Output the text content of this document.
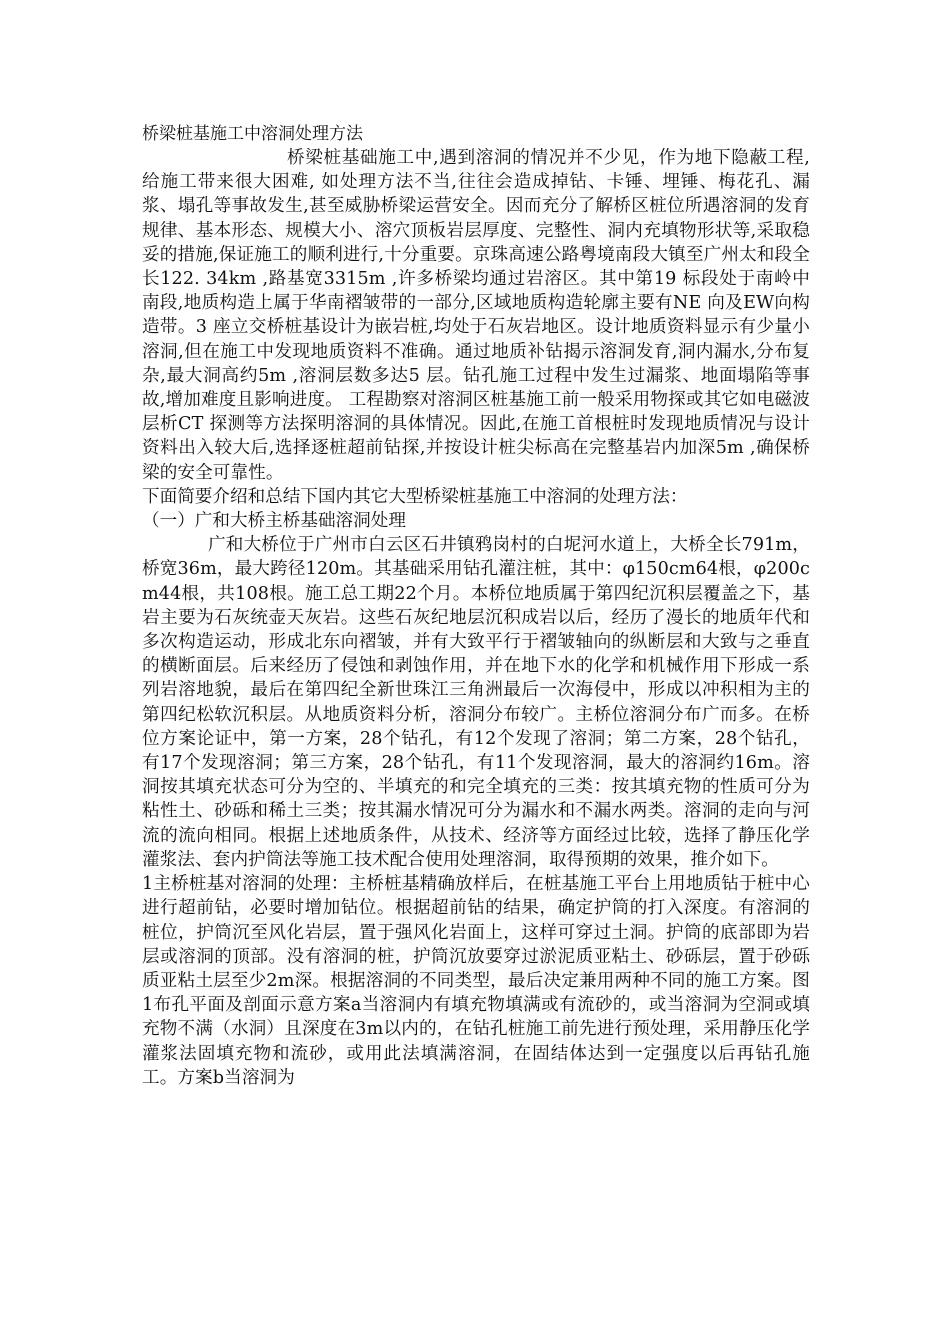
桥梁桩基施工中溶洞处理方法

桥梁桩基础施工中,遇到溶洞的情况并不少见，作为地下隐蔽工程,给施工带来很大困难, 如处理方法不当,往往会造成掉钻、卡锤、埋锤、梅花孔、漏浆、塌孔等事故发生,甚至威胁桥梁运营安全。因而充分了解桥区桩位所遇溶洞的发育规律、基本形态、规模大小、溶穴顶板岩层厚度、完整性、洞内充填物形状等,采取稳妥的措施,保证施工的顺利进行,十分重要。京珠高速公路粤境南段大镇至广州太和段全长122. 34km ,路基宽3315m ,许多桥梁均通过岩溶区。其中第19 标段处于南岭中南段,地质构造上属于华南褶皱带的一部分,区域地质构造轮廓主要有NE 向及EW向构造带。3 座立交桥桩基设计为嵌岩桩,均处于石灰岩地区。设计地质资料显示有少量小溶洞,但在施工中发现地质资料不准确。通过地质补钻揭示溶洞发育,洞内漏水,分布复杂,最大洞高约5m ,溶洞层数多达5 层。钻孔施工过程中发生过漏浆、地面塌陷等事故,增加难度且影响进度。 工程勘察对溶洞区桩基施工前一般采用物探或其它如电磁波层析CT 探测等方法探明溶洞的具体情况。因此,在施工首根桩时发现地质情况与设计资料出入较大后,选择逐桩超前钻探,并按设计桩尖标高在完整基岩内加深5m ,确保桥梁的安全可靠性。

下面简要介绍和总结下国内其它大型桥梁桩基施工中溶洞的处理方法：

（一）广和大桥主桥基础溶洞处理

广和大桥位于广州市白云区石井镇鸦岗村的白坭河水道上，大桥全长791m，桥宽36m，最大跨径120m。其基础采用钻孔灌注桩，其中：φ150cm64根，φ200cm44根，共108根。施工总工期22个月。本桥位地质属于第四纪沉积层覆盖之下，基岩主要为石灰统壶天灰岩。这些石灰纪地层沉积成岩以后，经历了漫长的地质年代和多次构造运动，形成北东向褶皱，并有大致平行于褶皱轴向的纵断层和大致与之垂直的横断面层。后来经历了侵蚀和剥蚀作用，并在地下水的化学和机械作用下形成一系列岩溶地貌，最后在第四纪全新世珠江三角洲最后一次海侵中，形成以冲积相为主的第四纪松软沉积层。从地质资料分析，溶洞分布较广。主桥位溶洞分布广而多。在桥位方案论证中，第一方案，28个钻孔，有12个发现了溶洞；第二方案，28个钻孔，有17个发现溶洞；第三方案，28个钻孔，有11个发现溶洞，最大的溶洞约16m。溶洞按其填充状态可分为空的、半填充的和完全填充的三类：按其填充物的性质可分为粘性土、砂砾和稀土三类；按其漏水情况可分为漏水和不漏水两类。溶洞的走向与河流的流向相同。根据上述地质条件，从技术、经济等方面经过比较，选择了静压化学灌浆法、套内护筒法等施工技术配合使用处理溶洞，取得预期的效果，推介如下。

1主桥桩基对溶洞的处理：主桥桩基精确放样后，在桩基施工平台上用地质钻于桩中心进行超前钻，必要时增加钻位。根据超前钻的结果，确定护筒的打入深度。有溶洞的桩位，护筒沉至风化岩层，置于强风化岩面上，这样可穿过土洞。护筒的底部即为岩层或溶洞的顶部。没有溶洞的桩，护筒沉放要穿过淤泥质亚粘土、砂砾层，置于砂砾质亚粘土层至少2m深。根据溶洞的不同类型，最后决定兼用两种不同的施工方案。图1布孔平面及剖面示意方案a当溶洞内有填充物填满或有流砂的，或当溶洞为空洞或填充物不满（水洞）且深度在3m以内的，在钻孔桩施工前先进行预处理，采用静压化学灌浆法固填充物和流砂，或用此法填满溶洞，在固结体达到一定强度以后再钻孔施工。方案b当溶洞为
